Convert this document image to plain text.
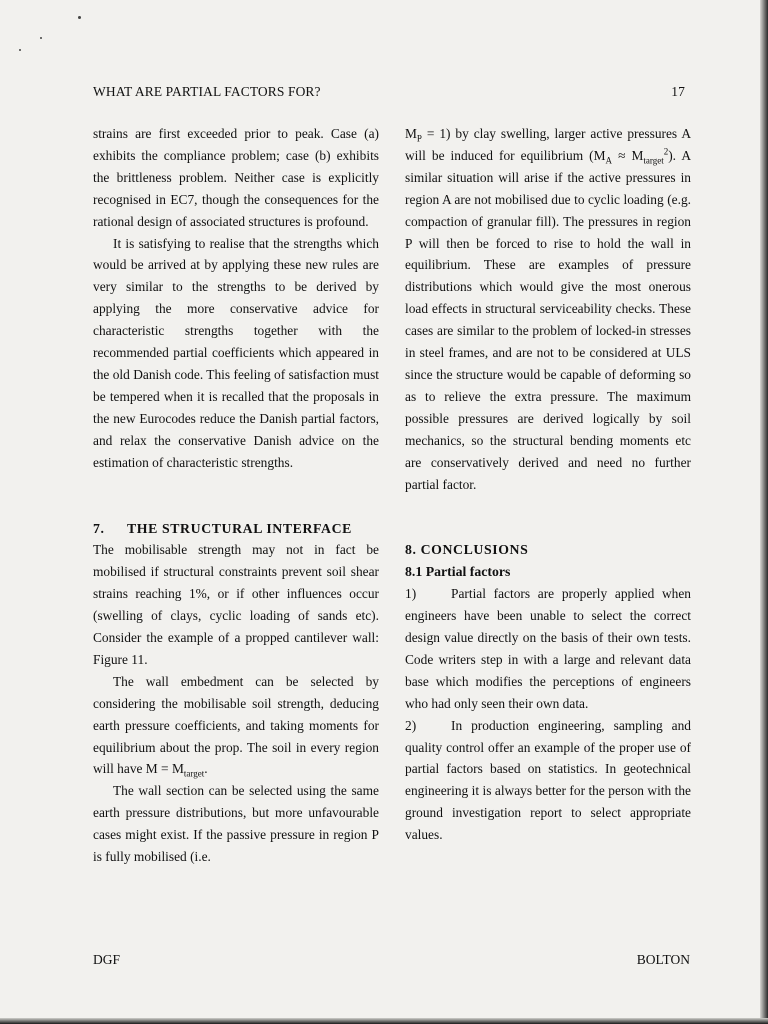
WHAT ARE PARTIAL FACTORS FOR?	17

strains are first exceeded prior to peak. Case (a) exhibits the compliance problem; case (b) exhibits the brittleness problem. Neither case is explicitly recognised in EC7, though the consequences for the rational design of associated structures is profound.

It is satisfying to realise that the strengths which would be arrived at by applying these new rules are very similar to the strengths to be derived by applying the more conservative advice for characteristic strengths together with the recommended partial coefficients which appeared in the old Danish code. This feeling of satisfaction must be tempered when it is recalled that the proposals in the new Eurocodes reduce the Danish partial factors, and relax the conservative Danish advice on the estimation of characteristic strengths.

7. THE STRUCTURAL INTERFACE

The mobilisable strength may not in fact be mobilised if structural constraints prevent soil shear strains reaching 1%, or if other influences occur (swelling of clays, cyclic loading of sands etc). Consider the example of a propped cantilever wall: Figure 11.

The wall embedment can be selected by considering the mobilisable soil strength, deducing earth pressure coefficients, and taking moments for equilibrium about the prop. The soil in every region will have $M = M_{target}$.

The wall section can be selected using the same earth pressure distributions, but more unfavourable cases might exist. If the passive pressure in region P is fully mobilised (i.e.

$M_P = 1$) by clay swelling, larger active pressures A will be induced for equilibrium $(M_A \approx M_{target}^2)$. A similar situation will arise if the active pressures in region A are not mobilised due to cyclic loading (e.g. compaction of granular fill). The pressures in region P will then be forced to rise to hold the wall in equilibrium. These are examples of pressure distributions which would give the most onerous load effects in structural serviceability checks. These cases are similar to the problem of locked-in stresses in steel frames, and are not to be considered at ULS since the structure would be capable of deforming so as to relieve the extra pressure. The maximum possible pressures are derived logically by soil mechanics, so the structural bending moments etc are conservatively derived and need no further partial factor.

8. CONCLUSIONS

8.1 Partial factors

1)	Partial factors are properly applied when engineers have been unable to select the correct design value directly on the basis of their own tests. Code writers step in with a large and relevant data base which modifies the perceptions of engineers who had only seen their own data.

2)	In production engineering, sampling and quality control offer an example of the proper use of partial factors based on statistics. In geotechnical engineering it is always better for the person with the ground investigation report to select appropriate values.

DGF	BOLTON
